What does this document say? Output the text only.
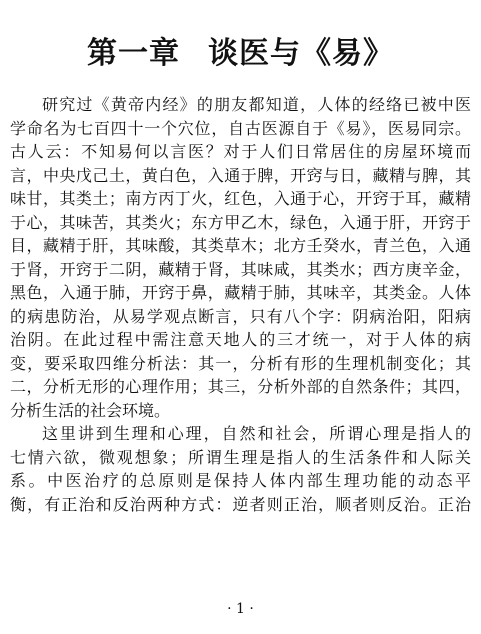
第一章 谈医与《易》
研究过《黄帝内经》的朋友都知道，人体的经络已被中医
学命名为七百四十一个穴位，自古医源自于《易》，医易同宗。
古人云：不知易何以言医？对于人们日常居住的房屋环境而
言，中央戊己土，黄白色，入通于脾，开窍与日，藏精与脾，其
味甘，其类土；南方丙丁火，红色，入通于心，开窍于耳，藏精
于心，其味苦，其类火；东方甲乙木，绿色，入通于肝，开窍于
目，藏精于肝，其味酸，其类草木；北方壬癸水，青兰色，入通
于肾，开窍于二阴，藏精于肾，其味咸，其类水；西方庚辛金，
黑色，入通于肺，开窍于鼻，藏精于肺，其味辛，其类金。人体
的病患防治，从易学观点断言，只有八个字：阴病治阳，阳病
治阴。在此过程中需注意天地人的三才统一，对于人体的病
变，要采取四维分析法：其一，分析有形的生理机制变化；其
二，分析无形的心理作用；其三，分析外部的自然条件；其四，
分析生活的社会环境。
这里讲到生理和心理，自然和社会，所谓心理是指人的
七情六欲，微观想象；所谓生理是指人的生活条件和人际关
系。中医治疗的总原则是保持人体内部生理功能的动态平
衡，有正治和反治两种方式：逆者则正治，顺者则反治。正治
· 1 ·
